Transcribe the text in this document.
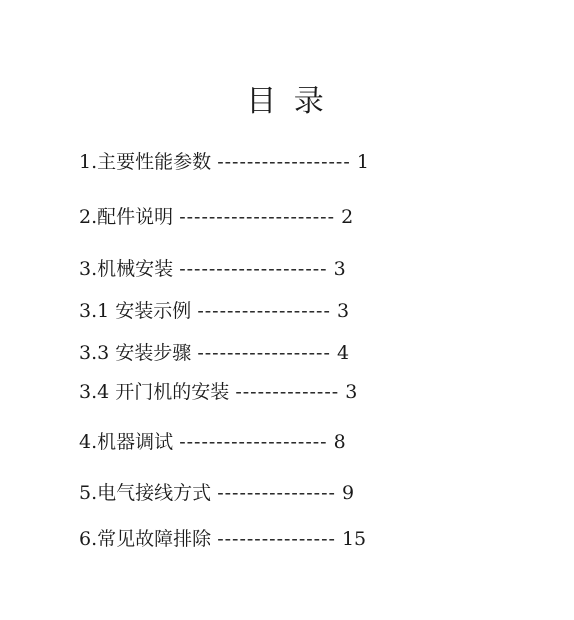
目 录
1.主要性能参数 ------------------ 1
2.配件说明 --------------------- 2
3.机械安装 -------------------- 3
3.1 安装示例 ------------------ 3
3.3 安装步骤 ------------------ 4
3.4 开门机的安装 -------------- 3
4.机器调试 -------------------- 8
5.电气接线方式 ---------------- 9
6.常见故障排除 ---------------- 15
